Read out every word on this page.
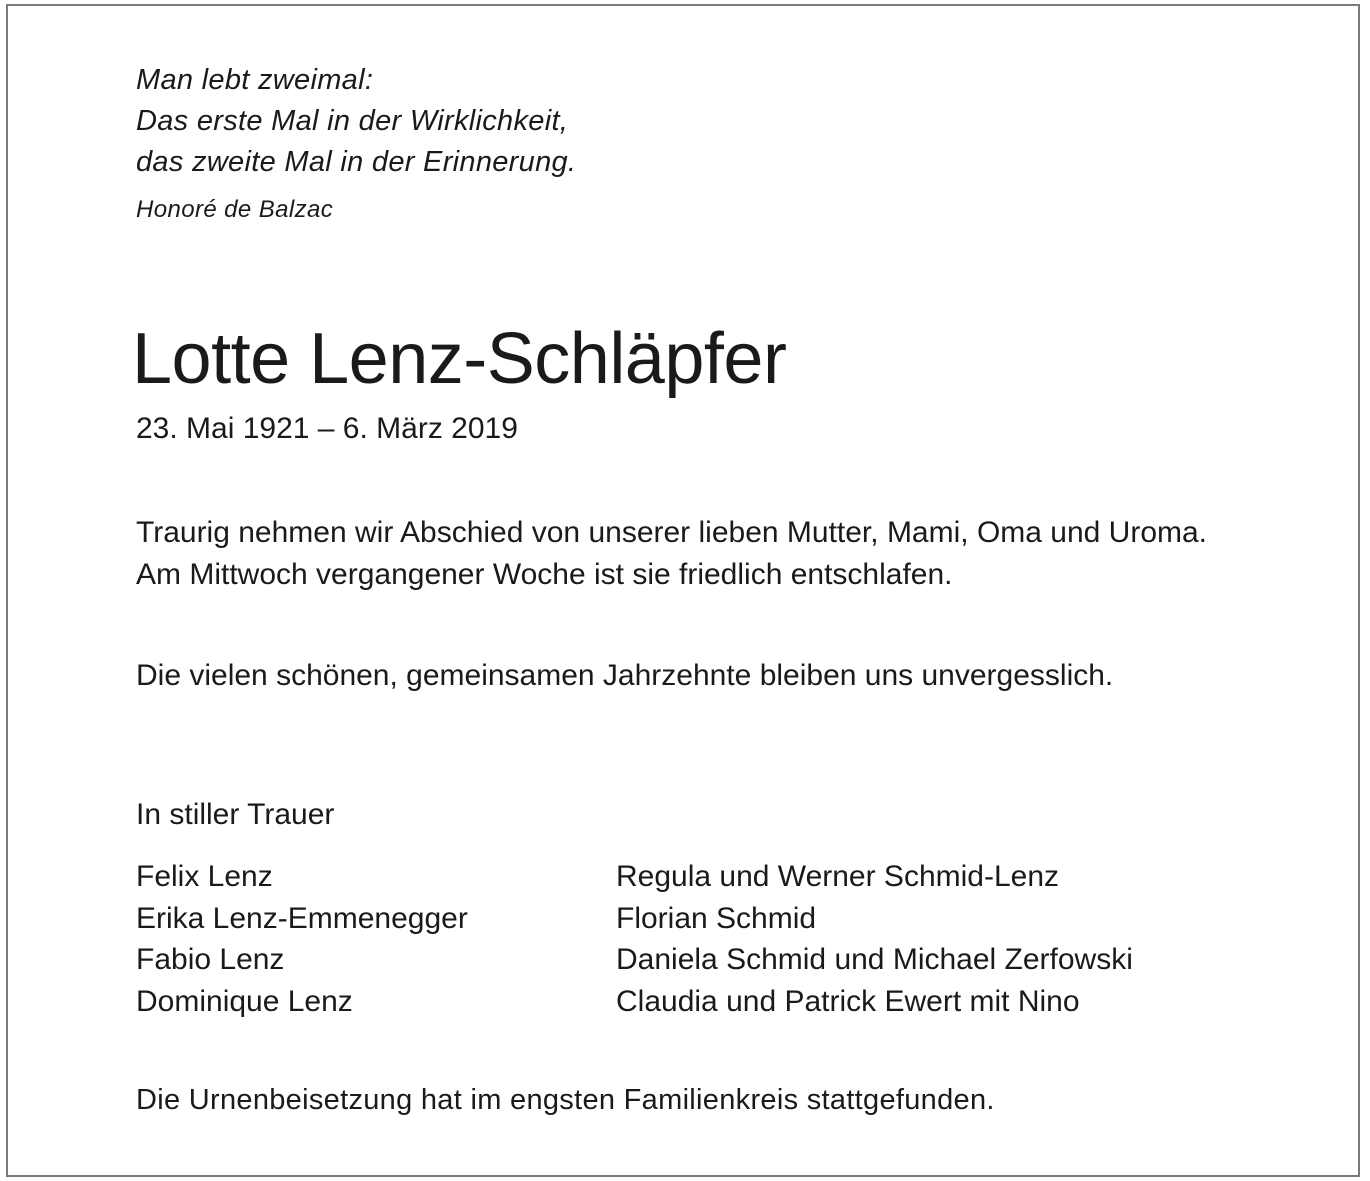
Man lebt zweimal:
Das erste Mal in der Wirklichkeit,
das zweite Mal in der Erinnerung.
Honoré de Balzac
Lotte Lenz-Schläpfer
23. Mai 1921 – 6. März 2019

Traurig nehmen wir Abschied von unserer lieben Mutter, Mami, Oma und Uroma. Am Mittwoch vergangener Woche ist sie friedlich entschlafen.

Die vielen schönen, gemeinsamen Jahrzehnte bleiben uns unvergesslich.

In stiller Trauer
Felix Lenz
Erika Lenz-Emmenegger
Fabio Lenz
Dominique Lenz
Regula und Werner Schmid-Lenz
Florian Schmid
Daniela Schmid und Michael Zerfowski
Claudia und Patrick Ewert mit Nino
Die Urnenbeisetzung hat im engsten Familienkreis stattgefunden.
